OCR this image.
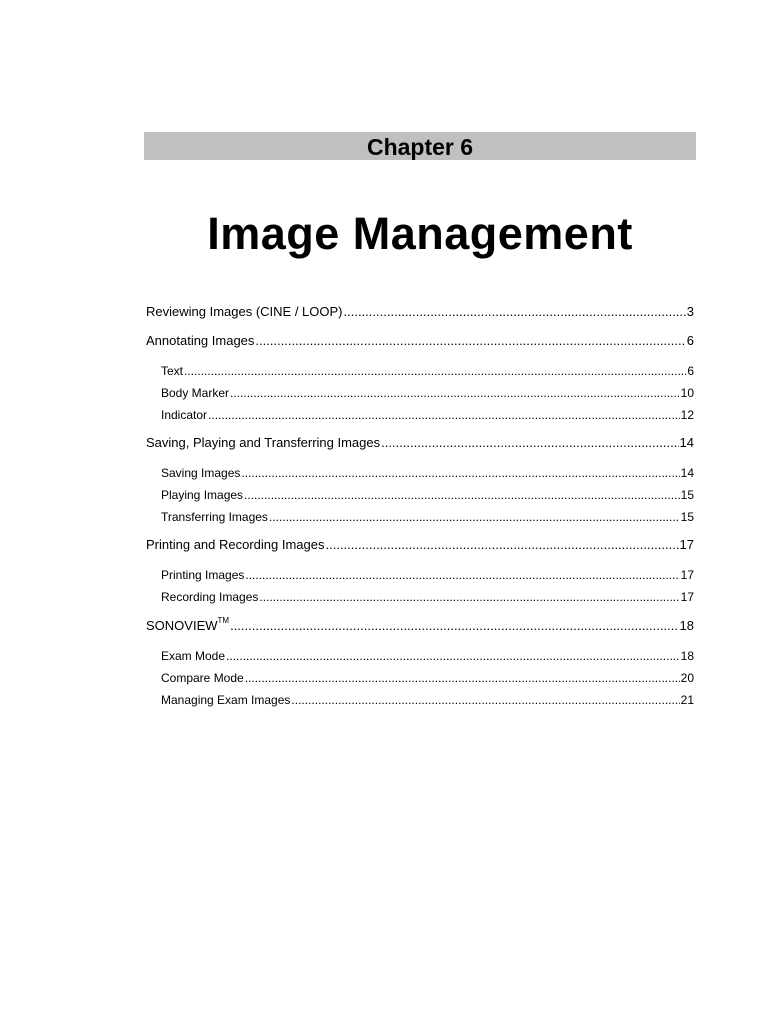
Chapter 6
Image Management
Reviewing Images (CINE / LOOP) .....	3
Annotating Images .....	6
Text .....	6
Body Marker .....	10
Indicator .....	12
Saving, Playing and Transferring Images .....	14
Saving Images .....	14
Playing Images .....	15
Transferring Images .....	15
Printing and Recording Images .....	17
Printing Images .....	17
Recording Images .....	17
SONOVIEW™ .....	18
Exam Mode .....	18
Compare Mode .....	20
Managing Exam Images .....	21
